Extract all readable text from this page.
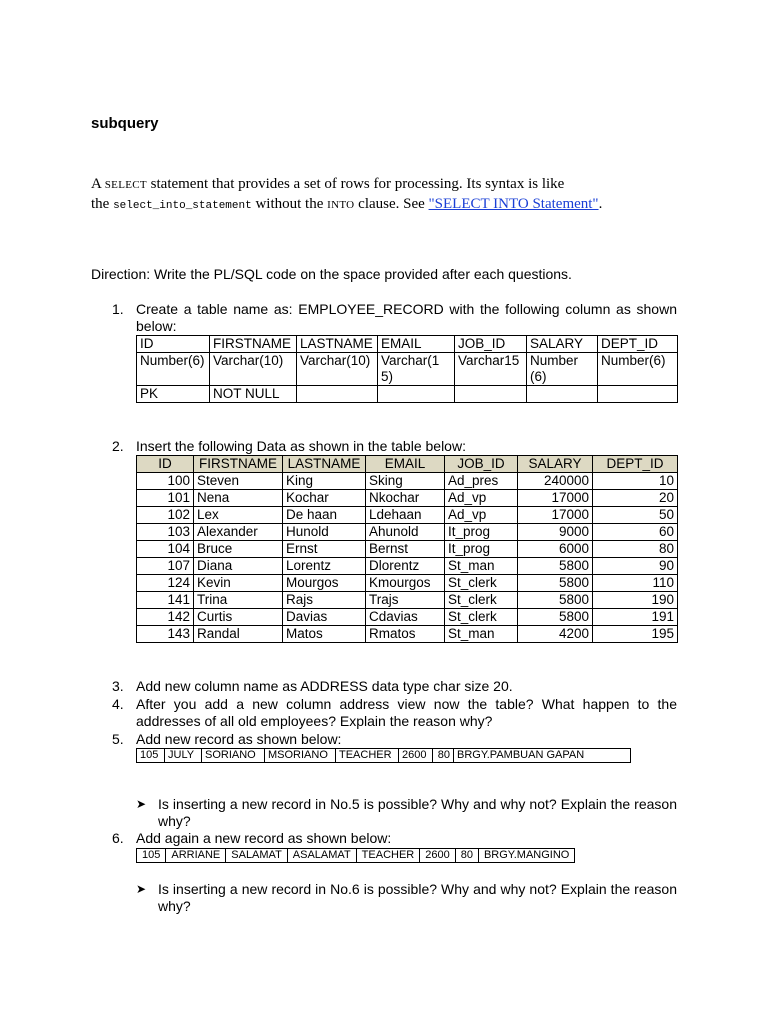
subquery
A SELECT statement that provides a set of rows for processing. Its syntax is like
the select_into_statement without the INTO clause. See "SELECT INTO Statement".
Direction: Write the PL/SQL code on the space provided after each questions.
1. Create a table name as: EMPLOYEE_RECORD with the following column as shown below:
ID	FIRSTNAME	LASTNAME	EMAIL	JOB_ID	SALARY	DEPT_ID
Number(6)	Varchar(10)	Varchar(10)	Varchar(15)	Varchar15	Number(6)	Number(6)
PK	NOT NULL					
2. Insert the following Data as shown in the table below:
ID	FIRSTNAME	LASTNAME	EMAIL	JOB_ID	SALARY	DEPT_ID
100	Steven	King	Sking	Ad_pres	240000	10
101	Nena	Kochar	Nkochar	Ad_vp	17000	20
102	Lex	De haan	Ldehaan	Ad_vp	17000	50
103	Alexander	Hunold	Ahunold	It_prog	9000	60
104	Bruce	Ernst	Bernst	It_prog	6000	80
107	Diana	Lorentz	Dlorentz	St_man	5800	90
124	Kevin	Mourgos	Kmourgos	St_clerk	5800	110
141	Trina	Rajs	Trajs	St_clerk	5800	190
142	Curtis	Davias	Cdavias	St_clerk	5800	191
143	Randal	Matos	Rmatos	St_man	4200	195
3. Add new column name as ADDRESS data type char size 20.
4. After you add a new column address view now the table? What happen to the addresses of all old employees? Explain the reason why?
5. Add new record as shown below:
105	JULY	SORIANO	MSORIANO	TEACHER	2600	80	BRGY.PAMBUAN GAPAN
➤ Is inserting a new record in No.5 is possible? Why and why not? Explain the reason why?
6. Add again a new record as shown below:
105	ARRIANE	SALAMAT	ASALAMAT	TEACHER	2600	80	BRGY.MANGINO
➤ Is inserting a new record in No.6 is possible? Why and why not? Explain the reason why?
